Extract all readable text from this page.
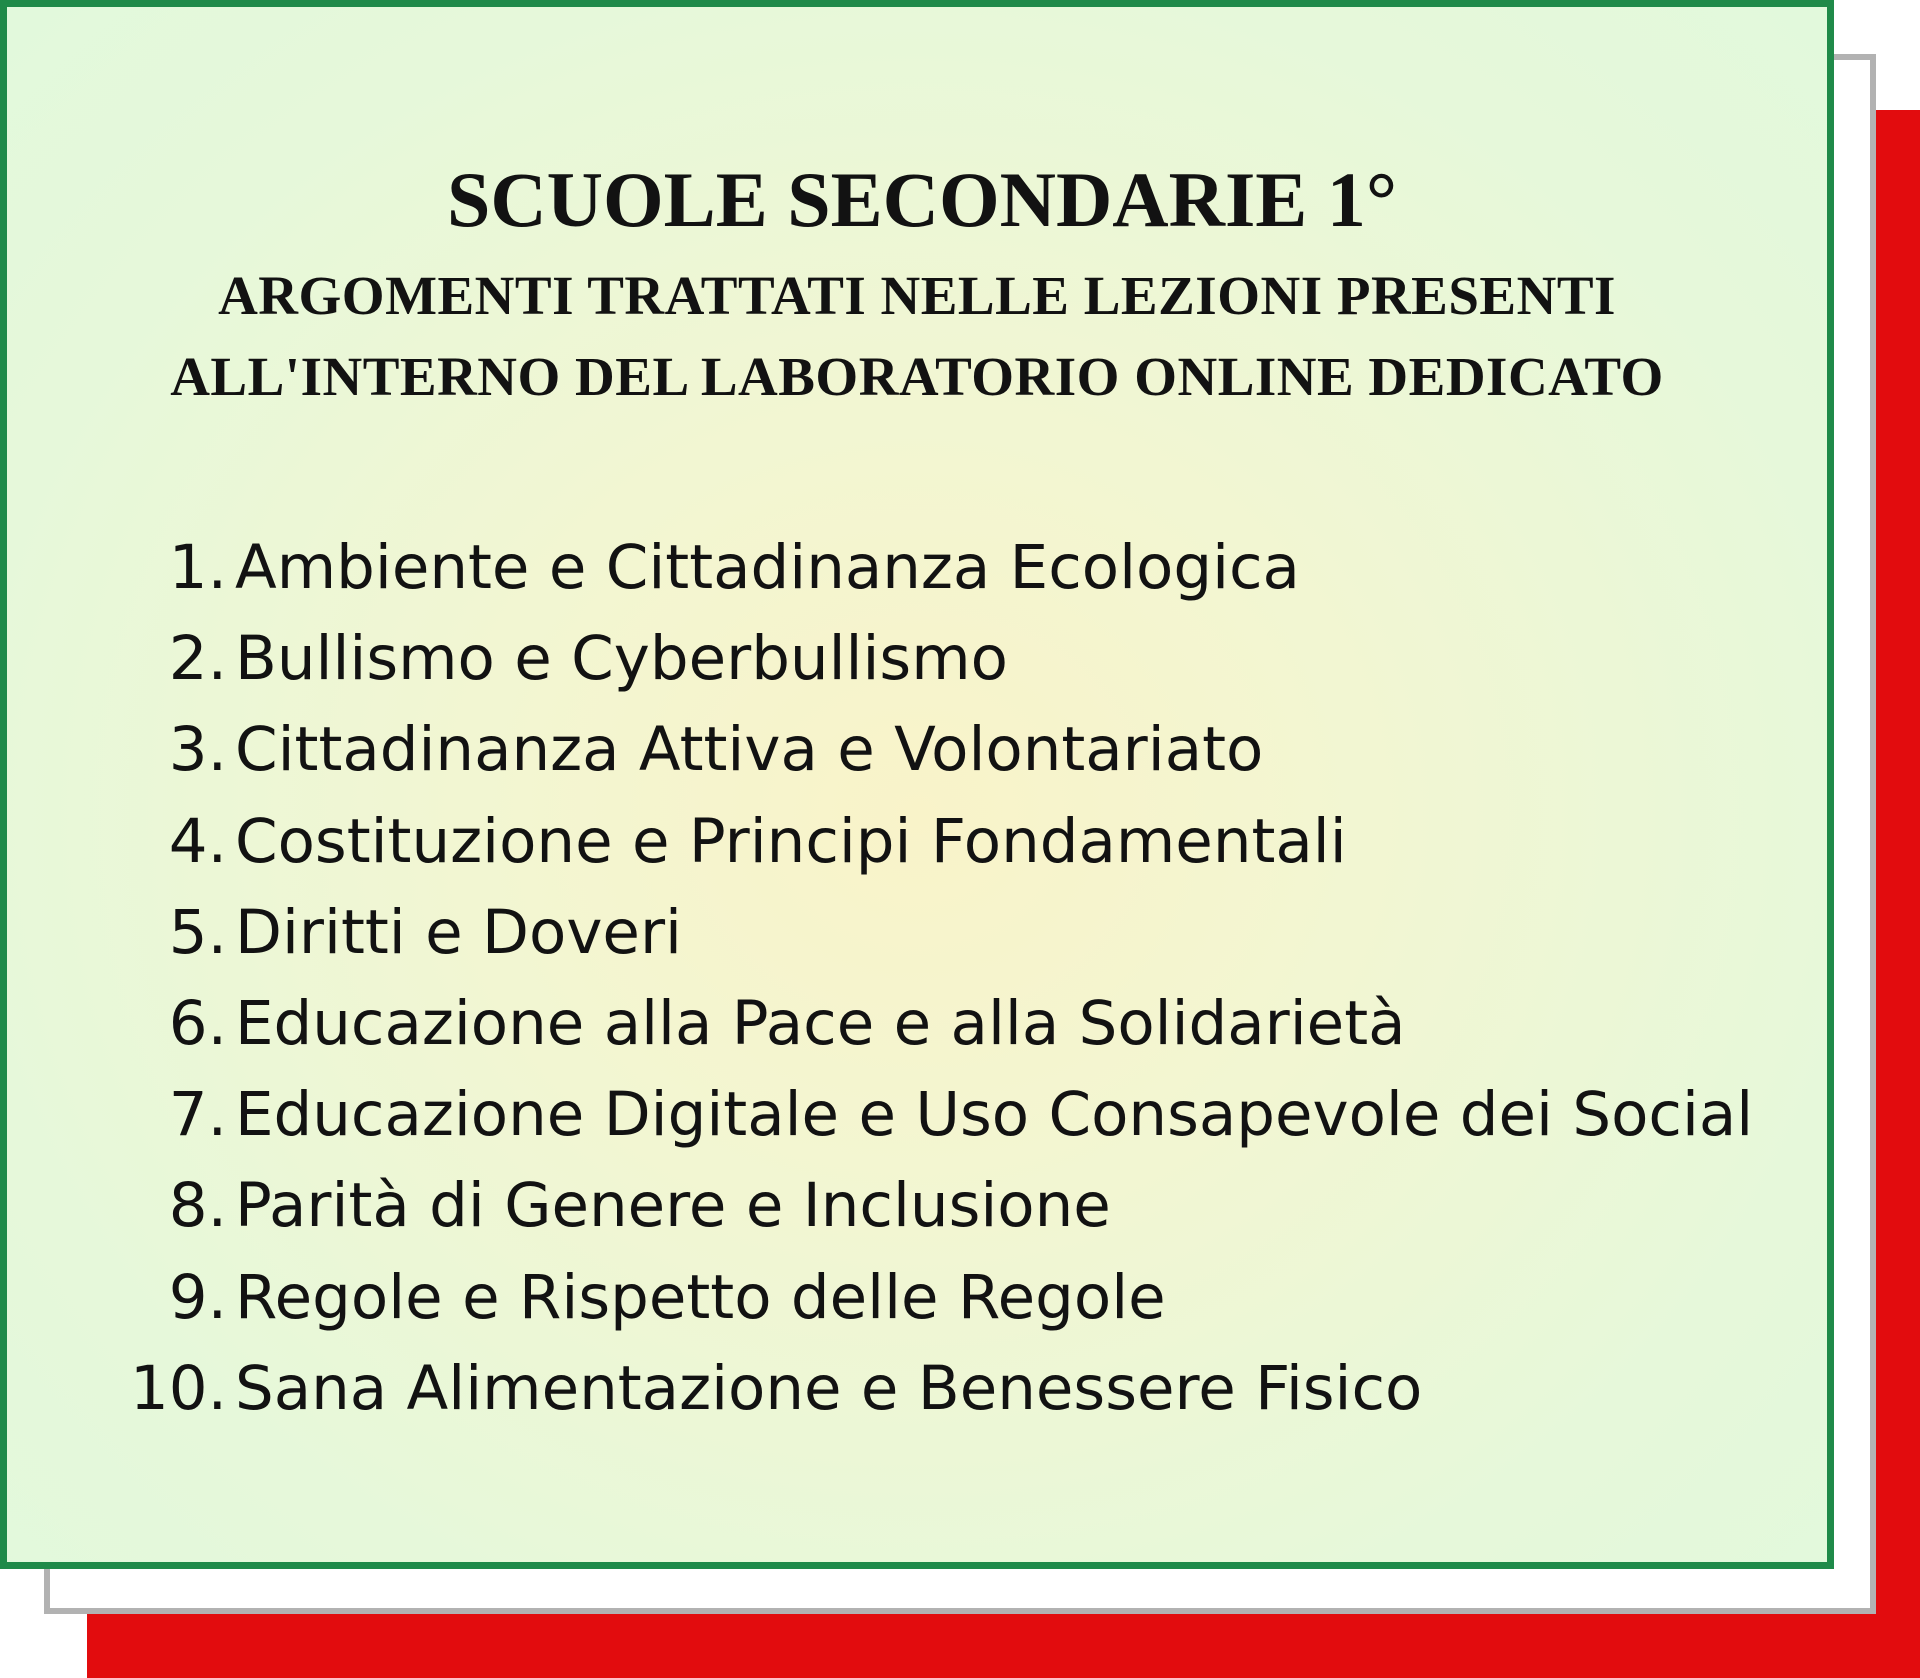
SCUOLE SECONDARIE 1°
ARGOMENTI TRATTATI NELLE LEZIONI PRESENTI
ALL'INTERNO DEL LABORATORIO ONLINE DEDICATO
1. Ambiente e Cittadinanza Ecologica
2. Bullismo e Cyberbullismo
3. Cittadinanza Attiva e Volontariato
4. Costituzione e Principi Fondamentali
5. Diritti e Doveri
6. Educazione alla Pace e alla Solidarietà
7. Educazione Digitale e Uso Consapevole dei Social
8. Parità di Genere e Inclusione
9. Regole e Rispetto delle Regole
10. Sana Alimentazione e Benessere Fisico
